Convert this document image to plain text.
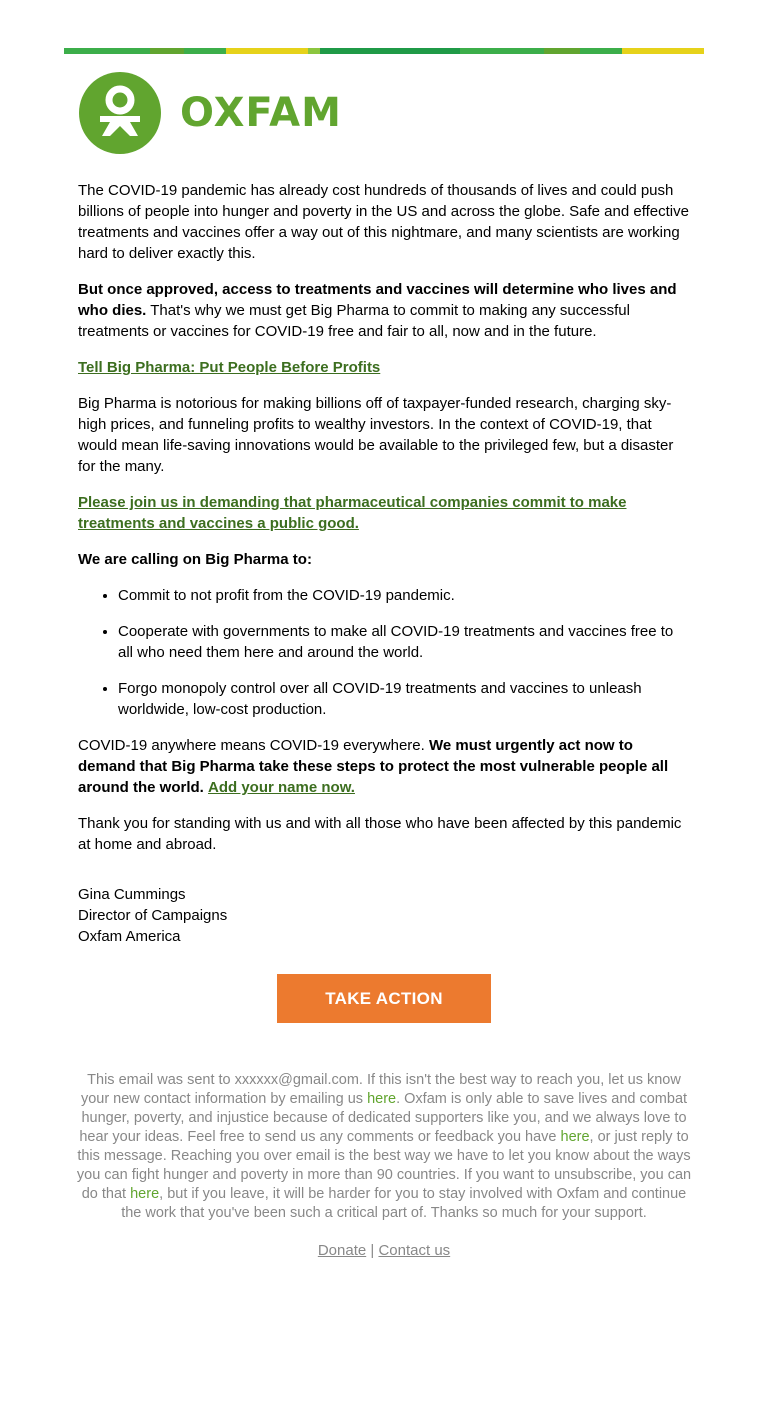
OXFAM

The COVID-19 pandemic has already cost hundreds of thousands of lives and could push billions of people into hunger and poverty in the US and across the globe. Safe and effective treatments and vaccines offer a way out of this nightmare, and many scientists are working hard to deliver exactly this.

But once approved, access to treatments and vaccines will determine who lives and who dies. That's why we must get Big Pharma to commit to making any successful treatments or vaccines for COVID-19 free and fair to all, now and in the future.

Tell Big Pharma: Put People Before Profits

Big Pharma is notorious for making billions off of taxpayer-funded research, charging sky-high prices, and funneling profits to wealthy investors. In the context of COVID-19, that would mean life-saving innovations would be available to the privileged few, but a disaster for the many.

Please join us in demanding that pharmaceutical companies commit to make treatments and vaccines a public good.

We are calling on Big Pharma to:

• Commit to not profit from the COVID-19 pandemic.
• Cooperate with governments to make all COVID-19 treatments and vaccines free to all who need them here and around the world.
• Forgo monopoly control over all COVID-19 treatments and vaccines to unleash worldwide, low-cost production.

COVID-19 anywhere means COVID-19 everywhere. We must urgently act now to demand that Big Pharma take these steps to protect the most vulnerable people all around the world. Add your name now.

Thank you for standing with us and with all those who have been affected by this pandemic at home and abroad.

Gina Cummings
Director of Campaigns
Oxfam America
TAKE ACTION
This email was sent to xxxxxx@gmail.com. If this isn't the best way to reach you, let us know your new contact information by emailing us here. Oxfam is only able to save lives and combat hunger, poverty, and injustice because of dedicated supporters like you, and we always love to hear your ideas. Feel free to send us any comments or feedback you have here, or just reply to this message. Reaching you over email is the best way we have to let you know about the ways you can fight hunger and poverty in more than 90 countries. If you want to unsubscribe, you can do that here, but if you leave, it will be harder for you to stay involved with Oxfam and continue the work that you've been such a critical part of. Thanks so much for your support.
Donate | Contact us
